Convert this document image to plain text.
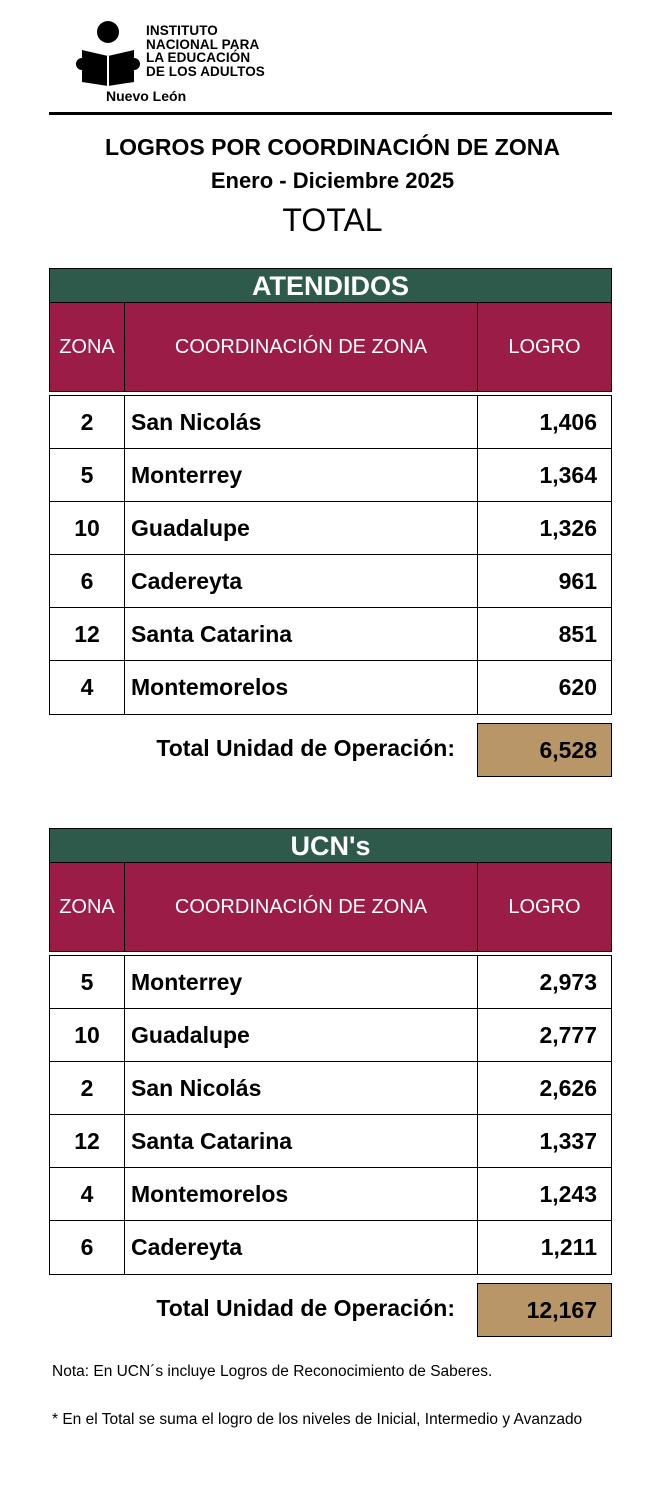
INSTITUTO
NACIONAL PARA
LA EDUCACIÓN
DE LOS ADULTOS
Nuevo León
LOGROS POR COORDINACIÓN DE ZONA
Enero - Diciembre 2025
TOTAL
ATENDIDOS
ZONA	COORDINACIÓN DE ZONA	LOGRO
2	San Nicolás	1,406
5	Monterrey	1,364
10	Guadalupe	1,326
6	Cadereyta	961
12	Santa Catarina	851
4	Montemorelos	620
Total Unidad de Operación:	6,528
UCN's
ZONA	COORDINACIÓN DE ZONA	LOGRO
5	Monterrey	2,973
10	Guadalupe	2,777
2	San Nicolás	2,626
12	Santa Catarina	1,337
4	Montemorelos	1,243
6	Cadereyta	1,211
Total Unidad de Operación:	12,167
Nota: En UCN´s incluye Logros de Reconocimiento de Saberes.
* En el Total se suma el logro de los niveles de Inicial, Intermedio y Avanzado
